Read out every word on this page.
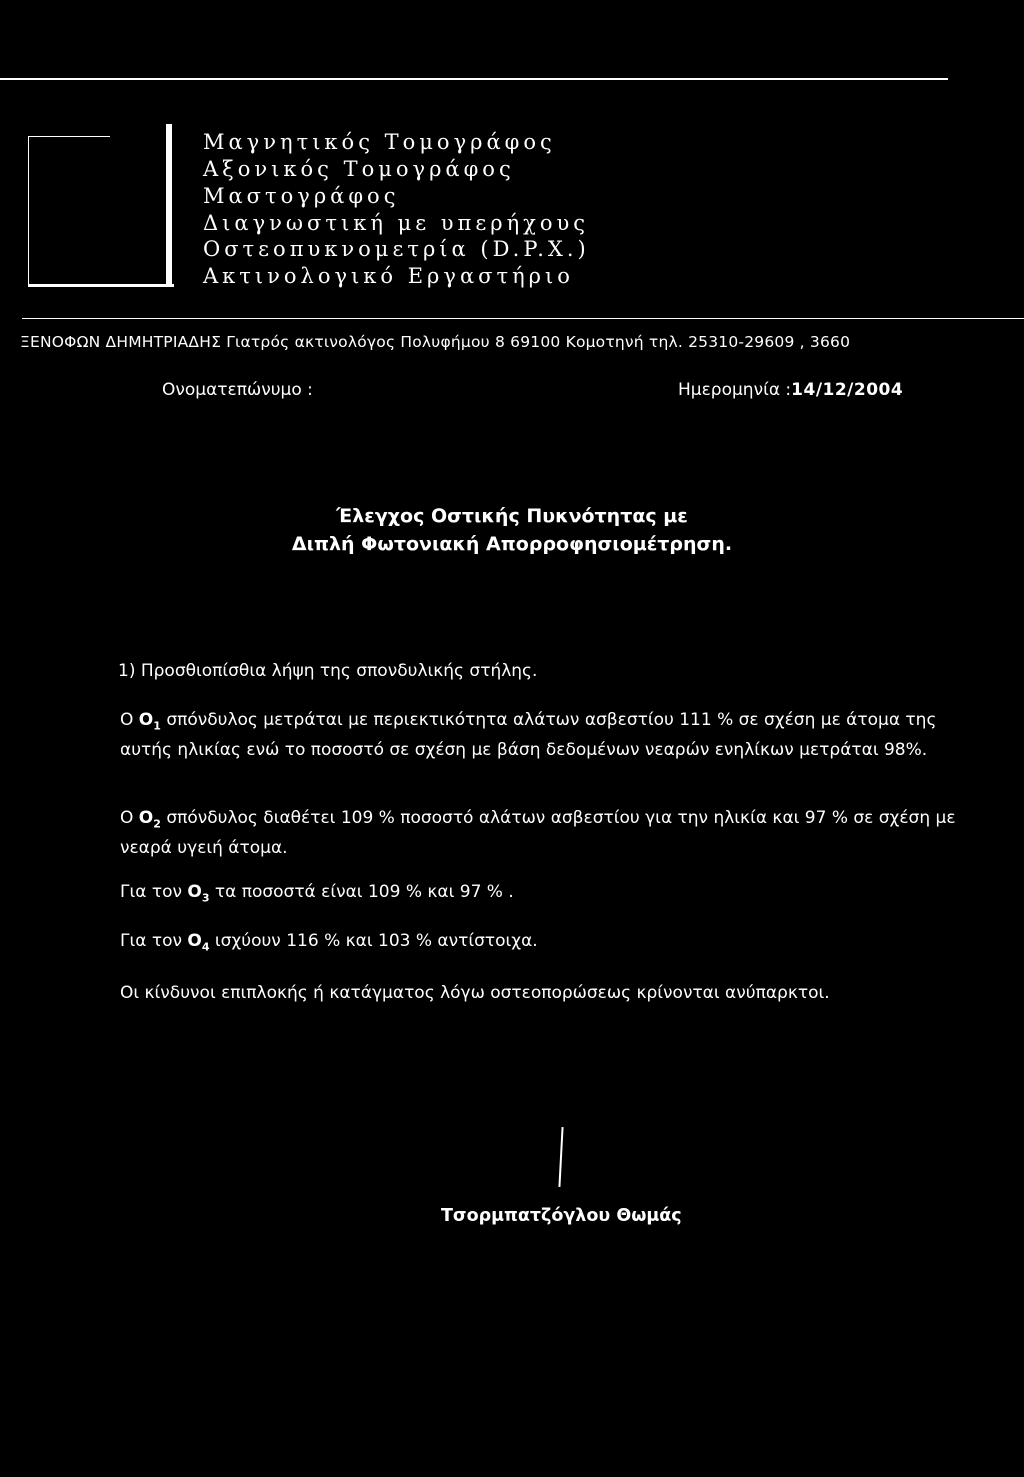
Μαγνητικός Τομογράφος
Αξονικός Τομογράφος
Μαστογράφος
Διαγνωστική με υπερήχους
Οστεοπυκνομετρία (D.P.X.)
Ακτινολογικό Εργαστήριο
ΞΕΝΟΦΩΝ ΔΗΜΗΤΡΙΑΔΗΣ Γιατρός ακτινολόγος Πολυφήμου 8 69100 Κομοτηνή τηλ. 25310-29609 , 3660
Ονοματεπώνυμο :	Ημερομηνία :14/12/2004
Έλεγχος Οστικής Πυκνότητας με
Διπλή Φωτονιακή Απορροφησιομέτρηση.
1) Προσθιοπίσθια λήψη της σπονδυλικής στήλης.
Ο $O_1$ σπόνδυλος μετράται με περιεκτικότητα αλάτων ασβεστίου 111 % σε σχέση με άτομα της αυτής ηλικίας ενώ το ποσοστό σε σχέση με βάση δεδομένων νεαρών ενηλίκων μετράται 98%.
Ο $O_2$ σπόνδυλος διαθέτει 109 % ποσοστό αλάτων ασβεστίου για την ηλικία και 97 % σε σχέση με νεαρά υγειή άτομα.
Για τον $O_3$ τα ποσοστά είναι 109 % και 97 % .
Για τον $O_4$ ισχύουν 116 % και 103 % αντίστοιχα.
Οι κίνδυνοι επιπλοκής ή κατάγματος λόγω οστεοπορώσεως κρίνονται ανύπαρκτοι.
Τσορμπατζόγλου Θωμάς
